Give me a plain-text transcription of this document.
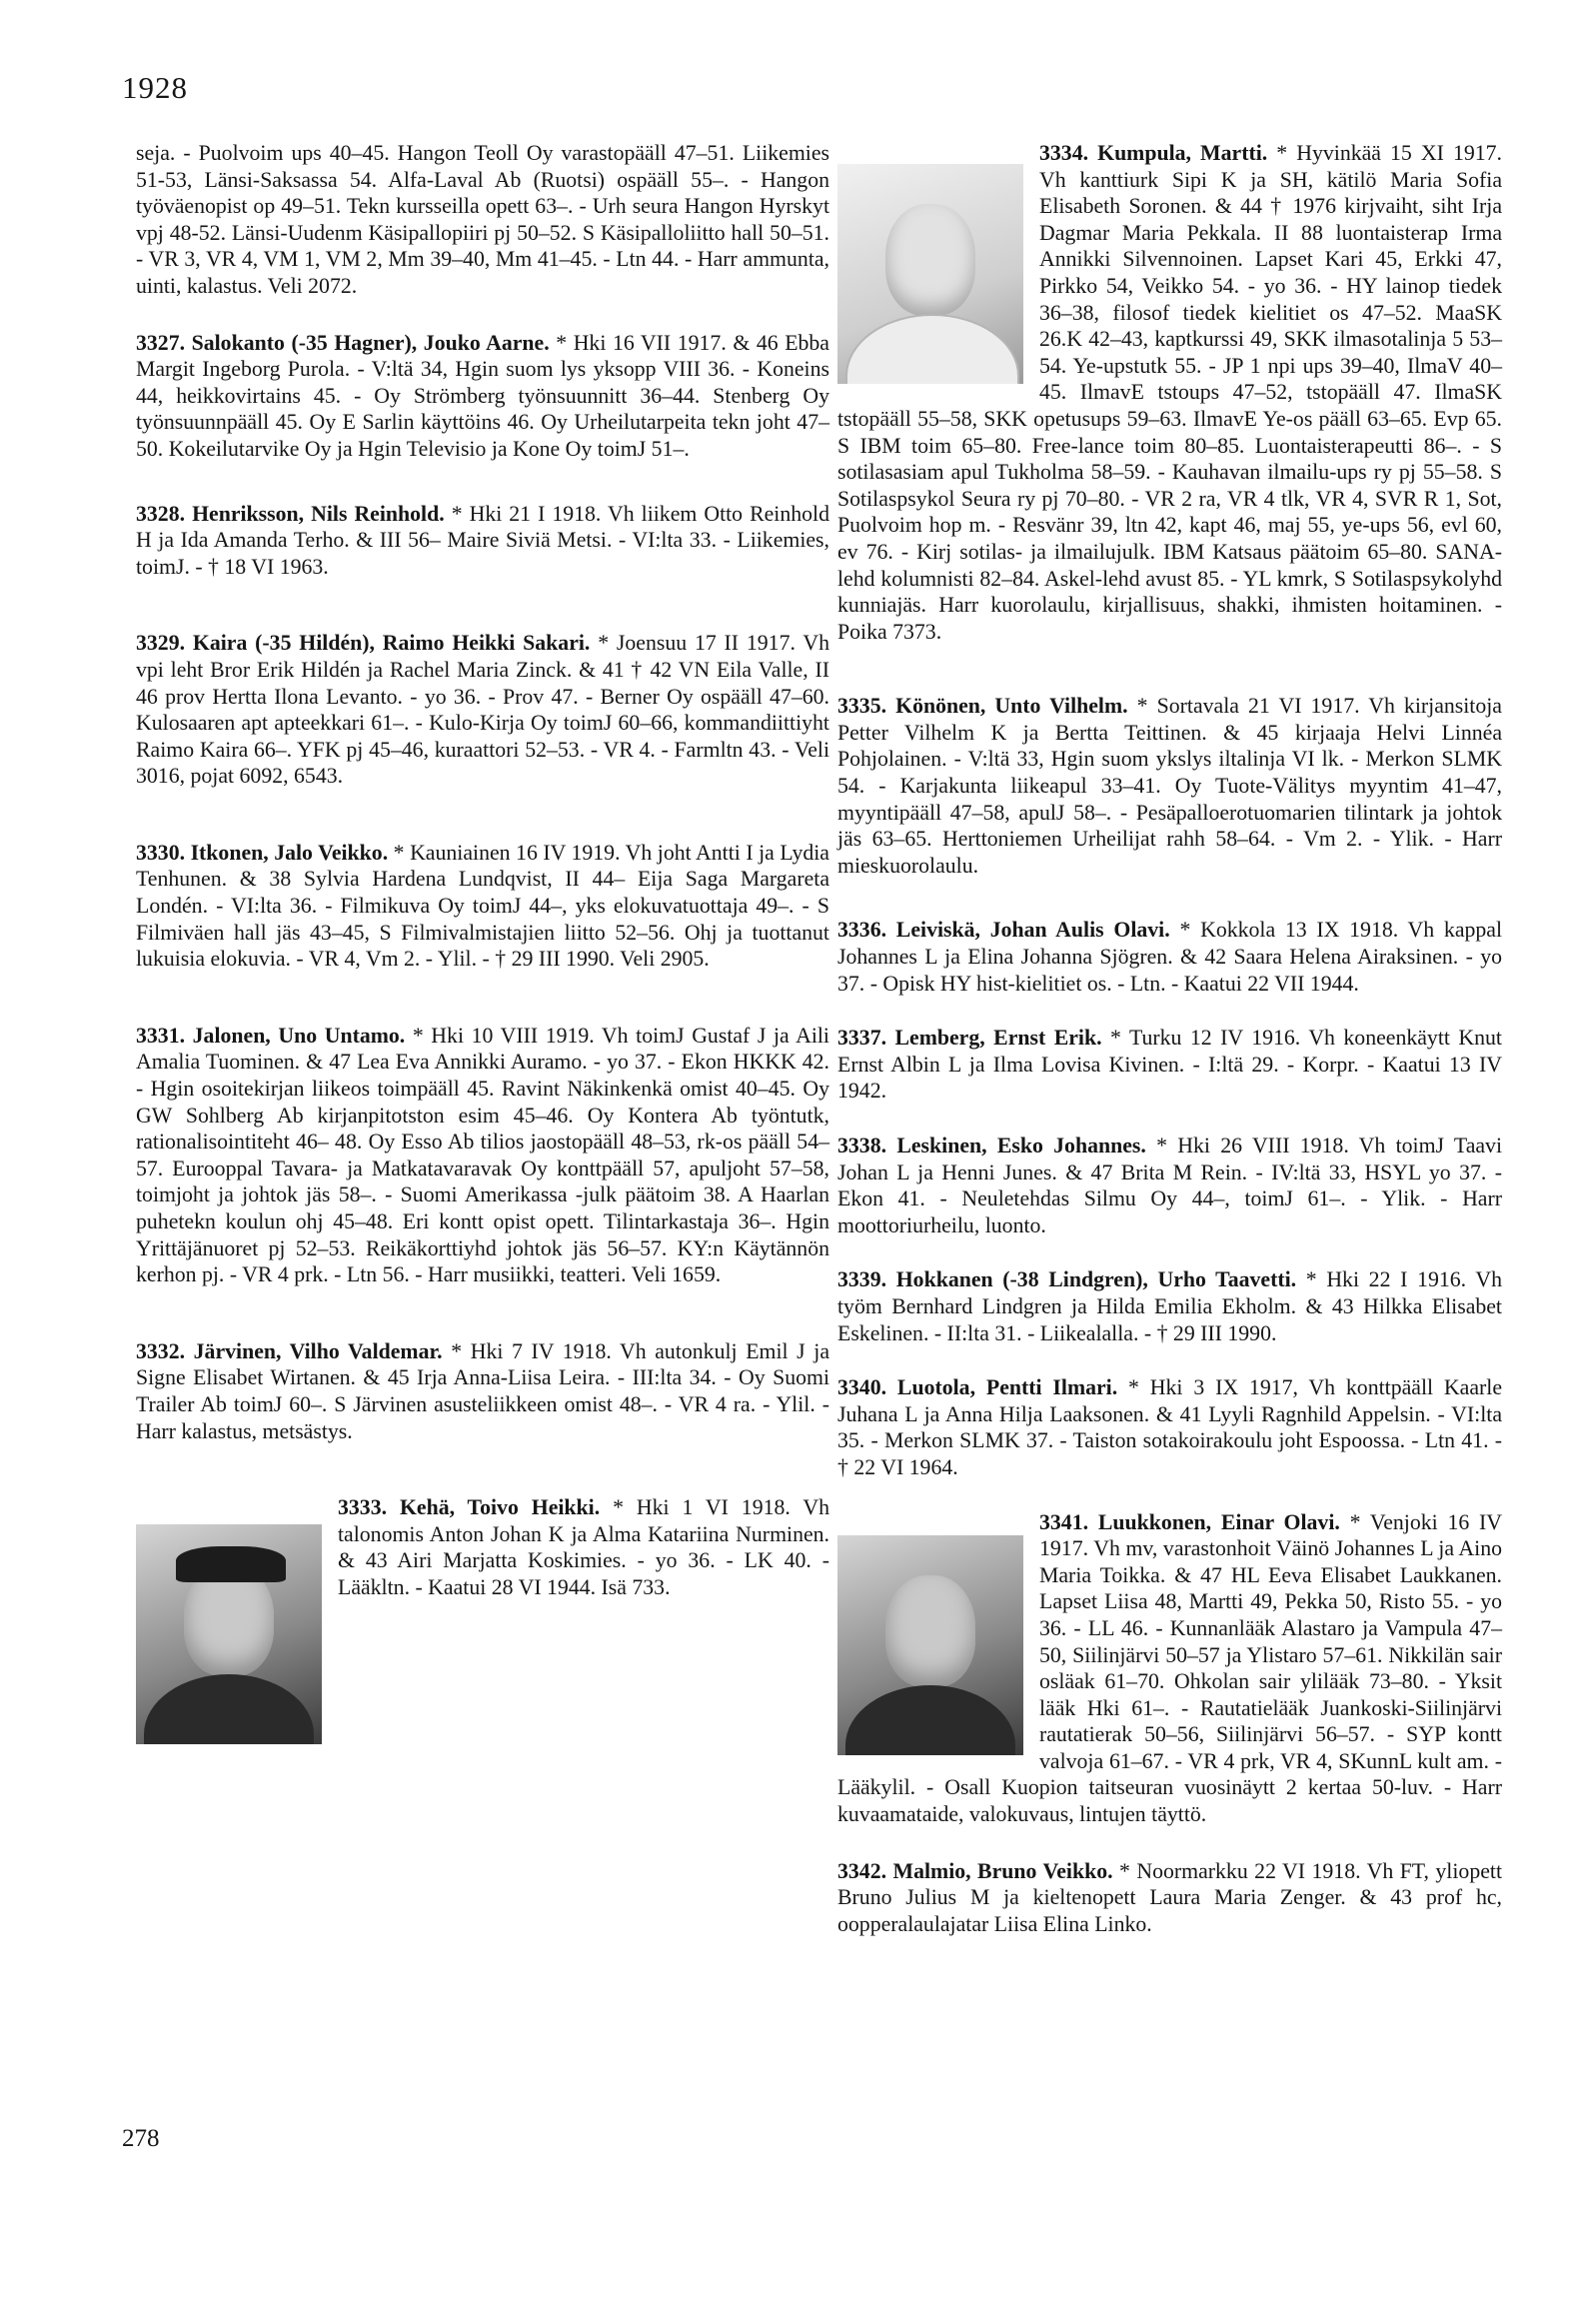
1928

seja. - Puolvoim ups 40–45. Hangon Teoll Oy varastopääll 47–51. Liikemies 51-53, Länsi-Saksassa 54. Alfa-Laval Ab (Ruotsi) ospääll 55–. - Hangon työväenopist op 49–51. Tekn kursseilla opett 63–. - Urh seura Hangon Hyrskyt vpj 48-52. Länsi-Uudenm Käsipallopiiri pj 50–52. S Käsipalloliitto hall 50–51. - VR 3, VR 4, VM 1, VM 2, Mm 39–40, Mm 41–45. - Ltn 44. - Harr ammunta, uinti, kalastus. Veli 2072.

3327. Salokanto (-35 Hagner), Jouko Aarne. * Hki 16 VII 1917. & 46 Ebba Margit Ingeborg Purola. - V:ltä 34, Hgin suom lys yksopp VIII 36. - Koneins 44, heikkovirtains 45. - Oy Strömberg työnsuunnitt 36–44. Stenberg Oy työnsuunnpääll 45. Oy E Sarlin käyttöins 46. Oy Urheilutarpeita tekn joht 47–50. Kokeilutarvike Oy ja Hgin Televisio ja Kone Oy toimJ 51–.

3328. Henriksson, Nils Reinhold. * Hki 21 I 1918. Vh liikem Otto Reinhold H ja Ida Amanda Terho. & III 56– Maire Siviä Metsi. - VI:lta 33. - Liikemies, toimJ. - † 18 VI 1963.

3329. Kaira (-35 Hildén), Raimo Heikki Sakari. * Joensuu 17 II 1917. Vh vpi leht Bror Erik Hildén ja Rachel Maria Zinck. & 41 † 42 VN Eila Valle, II 46 prov Hertta Ilona Levanto. - yo 36. - Prov 47. - Berner Oy ospääll 47–60. Kulosaaren apt apteekkari 61–. - Kulo-Kirja Oy toimJ 60–66, kommandiittiyht Raimo Kaira 66–. YFK pj 45–46, kuraattori 52–53. - VR 4. - Farmltn 43. - Veli 3016, pojat 6092, 6543.

3330. Itkonen, Jalo Veikko. * Kauniainen 16 IV 1919. Vh joht Antti I ja Lydia Tenhunen. & 38 Sylvia Hardena Lundqvist, II 44– Eija Saga Margareta Londén. - VI:lta 36. - Filmikuva Oy toimJ 44–, yks elokuvatuottaja 49–. - S Filmiväen hall jäs 43–45, S Filmivalmistajien liitto 52–56. Ohj ja tuottanut lukuisia elokuvia. - VR 4, Vm 2. - Ylil. - † 29 III 1990. Veli 2905.

3331. Jalonen, Uno Untamo. * Hki 10 VIII 1919. Vh toimJ Gustaf J ja Aili Amalia Tuominen. & 47 Lea Eva Annikki Auramo. - yo 37. - Ekon HKKK 42. - Hgin osoitekirjan liikeos toimpääll 45. Ravint Näkinkenkä omist 40–45. Oy GW Sohlberg Ab kirjanpitotston esim 45–46. Oy Kontera Ab työntutk, rationalisointiteht 46– 48. Oy Esso Ab tilios jaostopääll 48–53, rk-os pääll 54–57. Eurooppal Tavara- ja Matkatavaravak Oy konttpääll 57, apuljoht 57–58, toimjoht ja johtok jäs 58–. - Suomi Amerikassa -julk päätoim 38. A Haarlan puhetekn koulun ohj 45–48. Eri kontt opist opett. Tilintarkastaja 36–. Hgin Yrittäjänuoret pj 52–53. Reikäkorttiyhd johtok jäs 56–57. KY:n Käytännön kerhon pj. - VR 4 prk. - Ltn 56. - Harr musiikki, teatteri. Veli 1659.

3332. Järvinen, Vilho Valdemar. * Hki 7 IV 1918. Vh autonkulj Emil J ja Signe Elisabet Wirtanen. & 45 Irja Anna-Liisa Leira. - III:lta 34. - Oy Suomi Trailer Ab toimJ 60–. S Järvinen asusteliikkeen omist 48–. - VR 4 ra. - Ylil. - Harr kalastus, metsästys.

3333. Kehä, Toivo Heikki. * Hki 1 VI 1918. Vh talonomis Anton Johan K ja Alma Katariina Nurminen. & 43 Airi Marjatta Koskimies. - yo 36. - LK 40. - Lääkltn. - Kaatui 28 VI 1944. Isä 733.
3334. Kumpula, Martti. * Hyvinkää 15 XI 1917. Vh kanttiurk Sipi K ja SH, kätilö Maria Sofia Elisabeth Soronen. & 44 † 1976 kirjvaiht, siht Irja Dagmar Maria Pekkala. II 88 luontaisterap Irma Annikki Silvennoinen. Lapset Kari 45, Erkki 47, Pirkko 54, Veikko 54. - yo 36. - HY lainop tiedek 36–38, filosof tiedek kielitiet os 47–52. MaaSK 26.K 42–43, kaptkurssi 49, SKK ilmasotalinja 5 53–54. Ye-upstutk 55. - JP 1 npi ups 39–40, IlmaV 40–45. IlmavE tstoups 47–52, tstopääll 47. IlmaSK tstopääll 55–58, SKK opetusups 59–63. IlmavE Ye-os pääll 63–65. Evp 65. S IBM toim 65–80. Free-lance toim 80–85. Luontaisterapeutti 86–. - S sotilasasiam apul Tukholma 58–59. - Kauhavan ilmailu-ups ry pj 55–58. S Sotilaspsykol Seura ry pj 70–80. - VR 2 ra, VR 4 tlk, VR 4, SVR R 1, Sot, Puolvoim hop m. - Resvänr 39, ltn 42, kapt 46, maj 55, ye-ups 56, evl 60, ev 76. - Kirj sotilas- ja ilmailujulk. IBM Katsaus päätoim 65–80. SANA-lehd kolumnisti 82–84. Askel-lehd avust 85. - YL kmrk, S Sotilaspsykolyhd kunniajäs. Harr kuorolaulu, kirjallisuus, shakki, ihmisten hoitaminen. - Poika 7373.

3335. Könönen, Unto Vilhelm. * Sortavala 21 VI 1917. Vh kirjansitoja Petter Vilhelm K ja Bertta Teittinen. & 45 kirjaaja Helvi Linnéa Pohjolainen. - V:ltä 33, Hgin suom ykslys iltalinja VI lk. - Merkon SLMK 54. - Karjakunta liikeapul 33–41. Oy Tuote-Välitys myyntim 41–47, myyntipääll 47–58, apulJ 58–. - Pesäpalloerotuomarien tilintark ja johtok jäs 63–65. Herttoniemen Urheilijat rahh 58–64. - Vm 2. - Ylik. - Harr mieskuorolaulu.

3336. Leiviskä, Johan Aulis Olavi. * Kokkola 13 IX 1918. Vh kappal Johannes L ja Elina Johanna Sjögren. & 42 Saara Helena Airaksinen. - yo 37. - Opisk HY hist-kielitiet os. - Ltn. - Kaatui 22 VII 1944.

3337. Lemberg, Ernst Erik. * Turku 12 IV 1916. Vh koneenkäytt Knut Ernst Albin L ja Ilma Lovisa Kivinen. - I:ltä 29. - Korpr. - Kaatui 13 IV 1942.

3338. Leskinen, Esko Johannes. * Hki 26 VIII 1918. Vh toimJ Taavi Johan L ja Henni Junes. & 47 Brita M Rein. - IV:ltä 33, HSYL yo 37. - Ekon 41. - Neuletehdas Silmu Oy 44–, toimJ 61–. - Ylik. - Harr moottoriurheilu, luonto.

3339. Hokkanen (-38 Lindgren), Urho Taavetti. * Hki 22 I 1916. Vh työm Bernhard Lindgren ja Hilda Emilia Ekholm. & 43 Hilkka Elisabet Eskelinen. - II:lta 31. - Liikealalla. - † 29 III 1990.

3340. Luotola, Pentti Ilmari. * Hki 3 IX 1917, Vh konttpääll Kaarle Juhana L ja Anna Hilja Laaksonen. & 41 Lyyli Ragnhild Appelsin. - VI:lta 35. - Merkon SLMK 37. - Taiston sotakoirakoulu joht Espoossa. - Ltn 41. - † 22 VI 1964.

3341. Luukkonen, Einar Olavi. * Venjoki 16 IV 1917. Vh mv, varastonhoit Väinö Johannes L ja Aino Maria Toikka. & 47 HL Eeva Elisabet Laukkanen. Lapset Liisa 48, Martti 49, Pekka 50, Risto 55. - yo 36. - LL 46. - Kunnanlääk Alastaro ja Vampula 47–50, Siilinjärvi 50–57 ja Ylistaro 57–61. Nikkilän sair osläak 61–70. Ohkolan sair ylilääk 73–80. - Yksit lääk Hki 61–. - Rautatielääk Juankoski-Siilinjärvi rautatierak 50–56, Siilinjärvi 56–57. - SYP kontt valvoja 61–67. - VR 4 prk, VR 4, SKunnL kult am. - Lääkylil. - Osall Kuopion taitseuran vuosinäytt 2 kertaa 50-luv. - Harr kuvaamataide, valokuvaus, lintujen täyttö.

3342. Malmio, Bruno Veikko. * Noormarkku 22 VI 1918. Vh FT, yliopett Bruno Julius M ja kieltenopett Laura Maria Zenger. & 43 prof hc, oopperalaulajatar Liisa Elina Linko.

278
